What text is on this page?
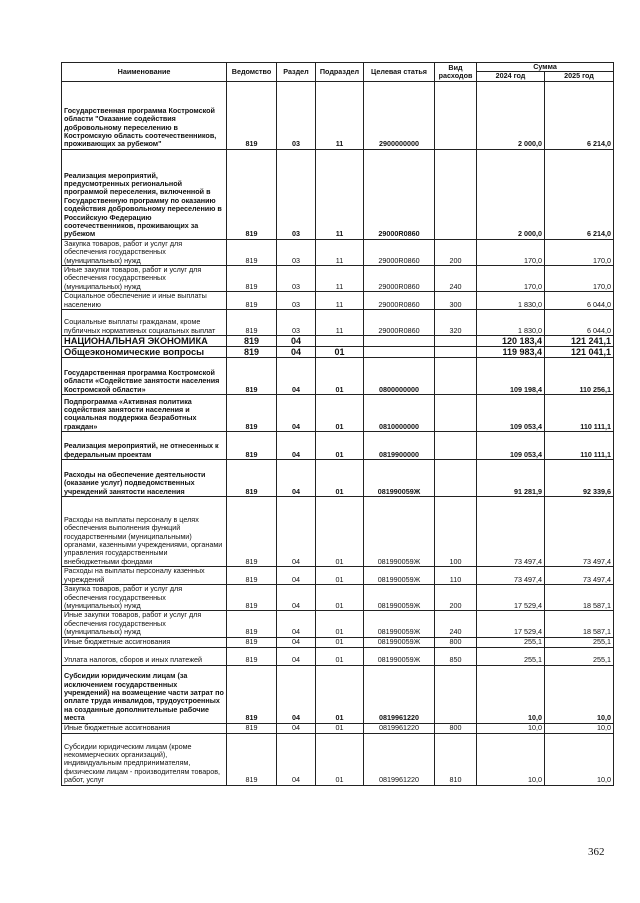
Наименование	Ведомство	Раздел	Подраздел	Целевая статья	Вид расходов	Сумма	
						2024 год	2025 год
Государственная программа Костромской области "Оказание содействия добровольному переселению в Костромскую область соотечественников, проживающих за рубежом"	819	03	11	2900000000		2 000,0	6 214,0
Реализация мероприятий, предусмотренных региональной программой переселения, включенной в Государственную программу по оказанию содействия добровольному переселению в Российскую Федерацию соотечественников, проживающих за рубежом	819	03	11	29000R0860		2 000,0	6 214,0
Закупка товаров, работ и услуг для обеспечения государственных (муниципальных) нужд	819	03	11	29000R0860	200	170,0	170,0
Иные закупки товаров, работ и услуг для обеспечения государственных (муниципальных) нужд	819	03	11	29000R0860	240	170,0	170,0
Социальное обеспечение и иные выплаты населению	819	03	11	29000R0860	300	1 830,0	6 044,0
Социальные выплаты гражданам, кроме публичных нормативных социальных выплат	819	03	11	29000R0860	320	1 830,0	6 044,0
НАЦИОНАЛЬНАЯ ЭКОНОМИКА	819	04				120 183,4	121 241,1
Общеэкономические вопросы	819	04	01			119 983,4	121 041,1
Государственная программа Костромской области «Содействие занятости населения Костромской области»	819	04	01	0800000000		109 198,4	110 256,1
Подпрограмма «Активная политика содействия занятости населения и социальная поддержка безработных граждан»	819	04	01	0810000000		109 053,4	110 111,1
Реализация мероприятий, не отнесенных к федеральным проектам	819	04	01	0819900000		109 053,4	110 111,1
Расходы на обеспечение деятельности (оказание услуг) подведомственных учреждений занятости населения	819	04	01	081990059Ж		91 281,9	92 339,6
Расходы на выплаты персоналу в целях обеспечения выполнения функций государственными (муниципальными) органами, казенными учреждениями, органами управления государственными внебюджетными фондами	819	04	01	081990059Ж	100	73 497,4	73 497,4
Расходы на выплаты персоналу казенных учреждений	819	04	01	081990059Ж	110	73 497,4	73 497,4
Закупка товаров, работ и услуг для обеспечения государственных (муниципальных) нужд	819	04	01	081990059Ж	200	17 529,4	18 587,1
Иные закупки товаров, работ и услуг для обеспечения государственных (муниципальных) нужд	819	04	01	081990059Ж	240	17 529,4	18 587,1
Иные бюджетные ассигнования	819	04	01	081990059Ж	800	255,1	255,1
Уплата налогов, сборов и иных платежей	819	04	01	081990059Ж	850	255,1	255,1
Субсидии юридическим лицам (за исключением государственных учреждений) на возмещение части затрат по оплате труда инвалидов, трудоустроенных на созданные дополнительные рабочие места	819	04	01	0819961220		10,0	10,0
Иные бюджетные ассигнования	819	04	01	0819961220	800	10,0	10,0
Субсидии юридическим лицам (кроме некоммерческих организаций), индивидуальным предпринимателям, физическим лицам - производителям товаров, работ, услуг	819	04	01	0819961220	810	10,0	10,0
362
